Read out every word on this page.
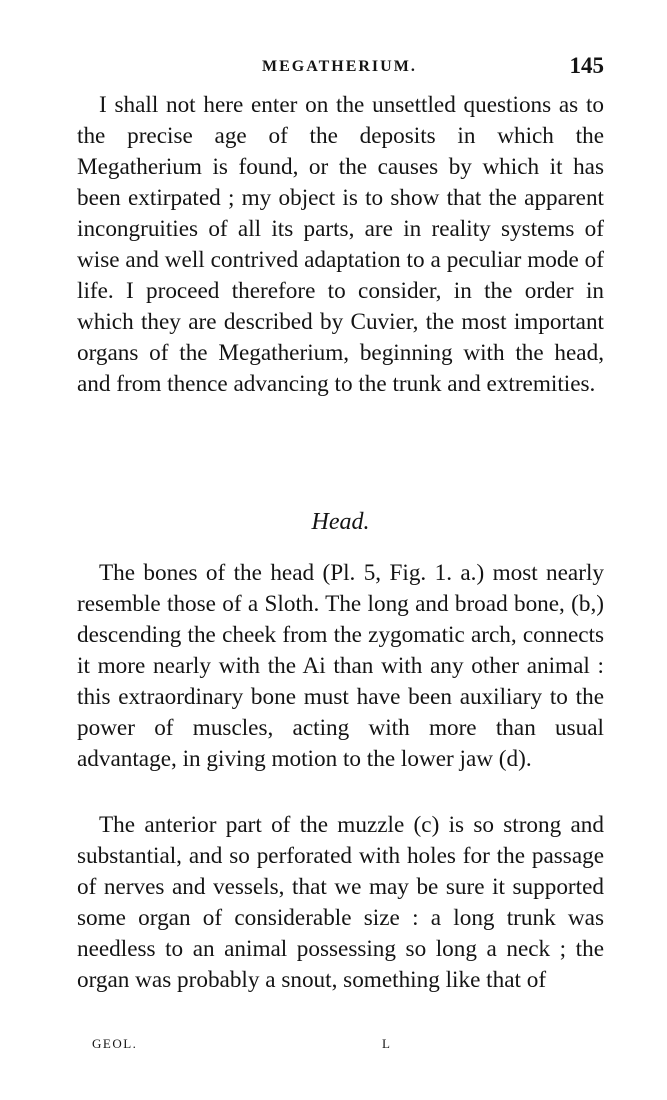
MEGATHERIUM.	145

I shall not here enter on the unsettled questions as to the precise age of the deposits in which the Megatherium is found, or the causes by which it has been extirpated ; my object is to show that the apparent incongruities of all its parts, are in reality systems of wise and well contrived adaptation to a peculiar mode of life. I proceed therefore to consider, in the order in which they are described by Cuvier, the most important organs of the Megatherium, beginning with the head, and from thence advancing to the trunk and extremities.

Head.

The bones of the head (Pl. 5, Fig. 1. a.) most nearly resemble those of a Sloth. The long and broad bone, (b,) descending the cheek from the zygomatic arch, connects it more nearly with the Ai than with any other animal : this extraordinary bone must have been auxiliary to the power of muscles, acting with more than usual advantage, in giving motion to the lower jaw (d).

The anterior part of the muzzle (c) is so strong and substantial, and so perforated with holes for the passage of nerves and vessels, that we may be sure it supported some organ of considerable size : a long trunk was needless to an animal possessing so long a neck ; the organ was probably a snout, something like that of

GEOL.	L
